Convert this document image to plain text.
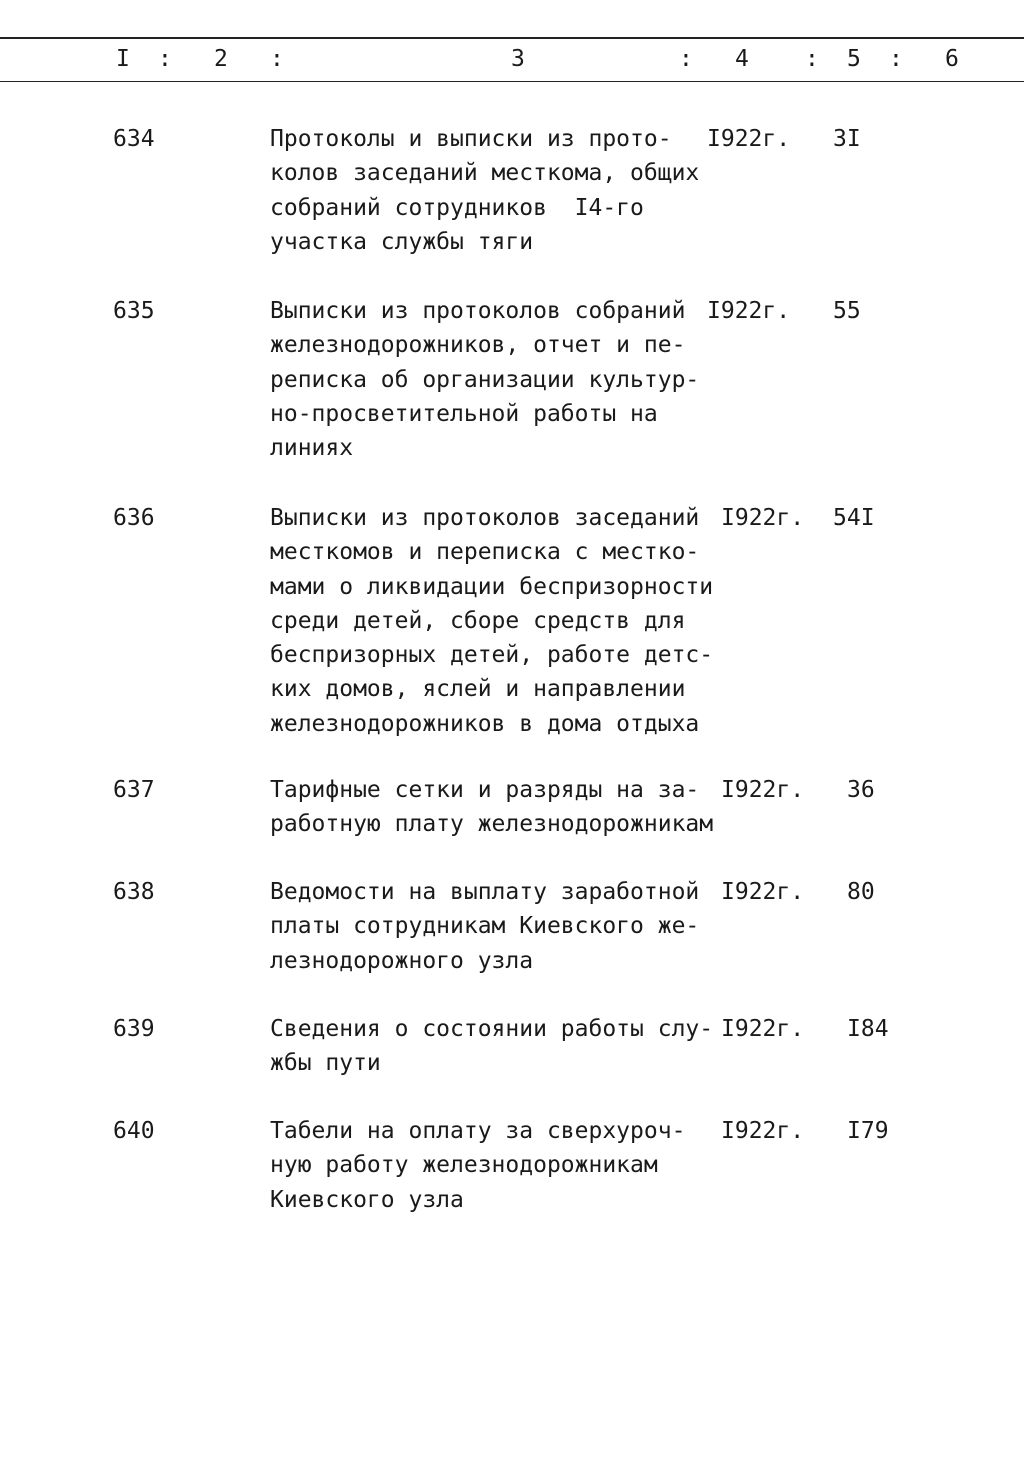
I : 2 :	3	: 4 : 5 : 6
634	Протоколы и выписки из прото-
колов заседаний месткома, общих
собраний сотрудников  I4-го
участка службы тяги
I922г. 3I
635	Выписки из протоколов собраний
железнодорожников, отчет и пе-
реписка об организации культур-
но-просветительной работы на
линиях
I922г. 55
636	Выписки из протоколов заседаний
месткомов и переписка с местко-
мами о ликвидации беспризорности
среди детей, сборе средств для
беспризорных детей, работе детс-
ких домов, яслей и направлении
железнодорожников в дома отдыха
I922г. 54I
637	Тарифные сетки и разряды на за-
работную плату железнодорожникам
I922г. 36
638	Ведомости на выплату заработной
платы сотрудникам Киевского же-
лезнодорожного узла
I922г. 80
639	Сведения о состоянии работы слу-
жбы пути
I922г. I84
640	Табели на оплату за сверхуроч-
ную работу железнодорожникам
Киевского узла
I922г. I79
